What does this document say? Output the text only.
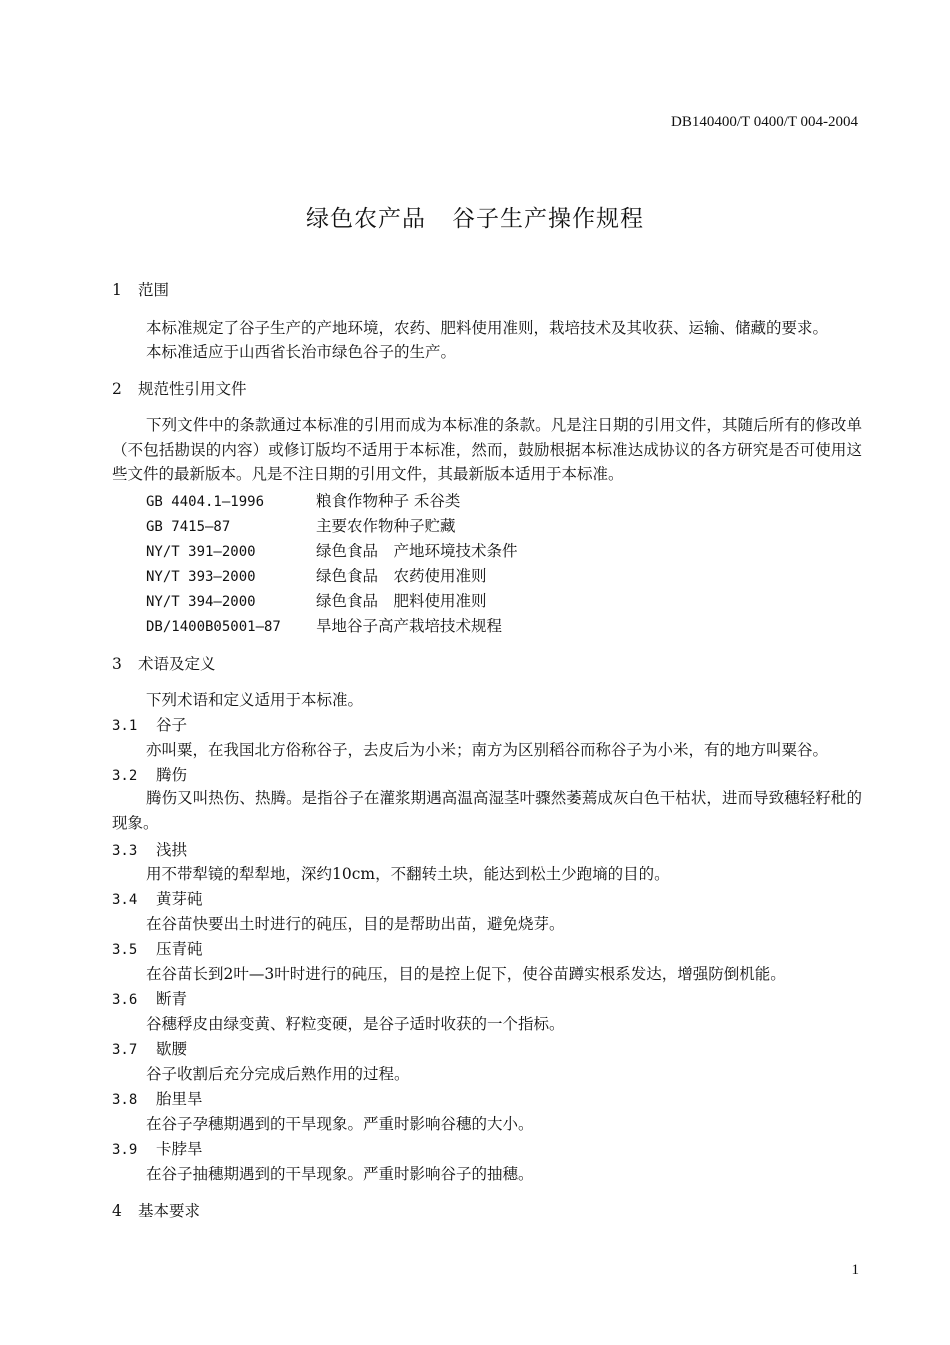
DB140400/T 0400/T 004-2004
绿色农产品 谷子生产操作规程
1 范围
本标准规定了谷子生产的产地环境，农药、肥料使用准则，栽培技术及其收获、运输、储藏的要求。
本标准适应于山西省长治市绿色谷子的生产。
2 规范性引用文件
下列文件中的条款通过本标准的引用而成为本标准的条款。凡是注日期的引用文件，其随后所有的修改单（不包括勘误的内容）或修订版均不适用于本标准，然而，鼓励根据本标准达成协议的各方研究是否可使用这些文件的最新版本。凡是不注日期的引用文件，其最新版本适用于本标准。
GB 4404.1—1996	粮食作物种子 禾谷类
GB 7415—87	主要农作物种子贮藏
NY/T 391—2000	绿色食品　产地环境技术条件
NY/T 393—2000	绿色食品　农药使用准则
NY/T 394—2000	绿色食品　肥料使用准则
DB/1400B05001—87 旱地谷子高产栽培技术规程
3 术语及定义
下列术语和定义适用于本标准。
3.1 谷子
亦叫粟，在我国北方俗称谷子，去皮后为小米；南方为区别稻谷而称谷子为小米，有的地方叫粟谷。
3.2 腾伤
腾伤又叫热伤、热腾。是指谷子在灌浆期遇高温高湿茎叶骤然萎蔫成灰白色干枯状，进而导致穗轻籽秕的现象。
3.3 浅拱
用不带犁镜的犁犁地，深约10cm，不翻转土块，能达到松土少跑墒的目的。
3.4 黄芽砘
在谷苗快要出土时进行的砘压，目的是帮助出苗，避免烧芽。
3.5 压青砘
在谷苗长到2叶—3叶时进行的砘压，目的是控上促下，使谷苗蹲实根系发达，增强防倒机能。
3.6 断青
谷穗稃皮由绿变黄、籽粒变硬，是谷子适时收获的一个指标。
3.7 歇腰
谷子收割后充分完成后熟作用的过程。
3.8 胎里旱
在谷子孕穗期遇到的干旱现象。严重时影响谷穗的大小。
3.9 卡脖旱
在谷子抽穗期遇到的干旱现象。严重时影响谷子的抽穗。
4 基本要求
1
